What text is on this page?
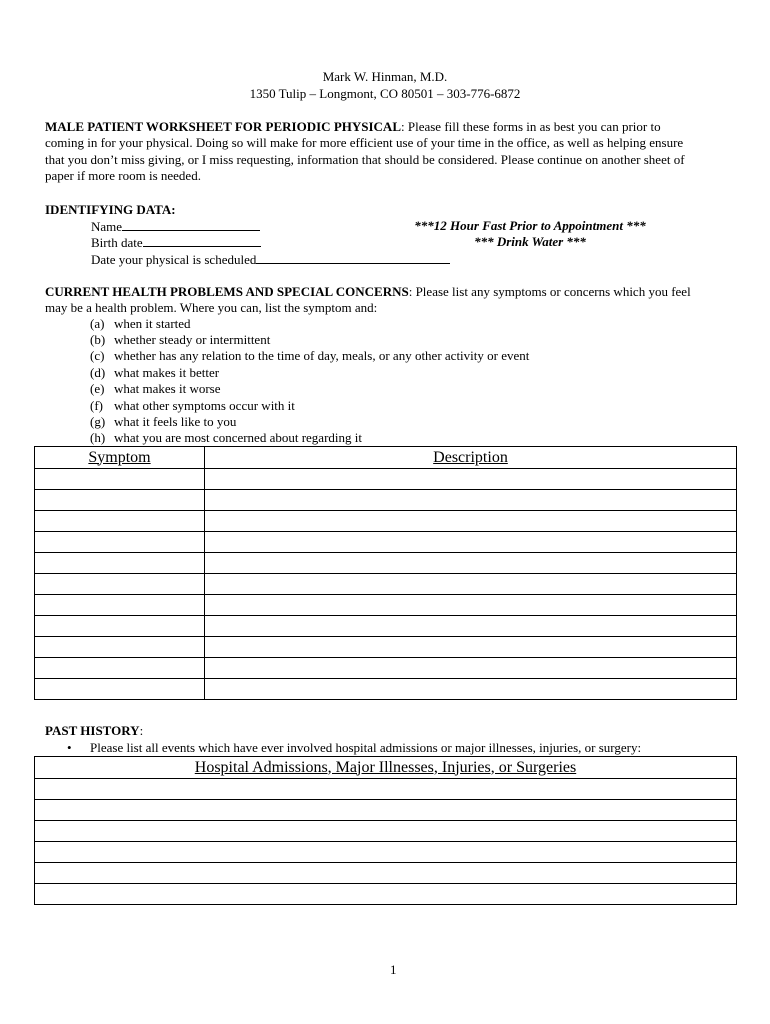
Mark W. Hinman, M.D.
1350 Tulip – Longmont, CO 80501 – 303-776-6872
MALE PATIENT WORKSHEET FOR PERIODIC PHYSICAL: Please fill these forms in as best you can prior to
coming in for your physical. Doing so will make for more efficient use of your time in the office, as well as helping ensure
that you don’t miss giving, or I miss requesting, information that should be considered. Please continue on another sheet of
paper if more room is needed.
IDENTIFYING DATA:
Name
Birth date
Date your physical is scheduled
***12 Hour Fast Prior to Appointment ***
*** Drink Water ***
CURRENT HEALTH PROBLEMS AND SPECIAL CONCERNS: Please list any symptoms or concerns which you feel
may be a health problem. Where you can, list the symptom and:
(a) when it started
(b) whether steady or intermittent
(c) whether has any relation to the time of day, meals, or any other activity or event
(d) what makes it better
(e) what makes it worse
(f) what other symptoms occur with it
(g) what it feels like to you
(h) what you are most concerned about regarding it
Symptom	Description

PAST HISTORY:
• Please list all events which have ever involved hospital admissions or major illnesses, injuries, or surgery:
Hospital Admissions, Major Illnesses, Injuries, or Surgeries

1
